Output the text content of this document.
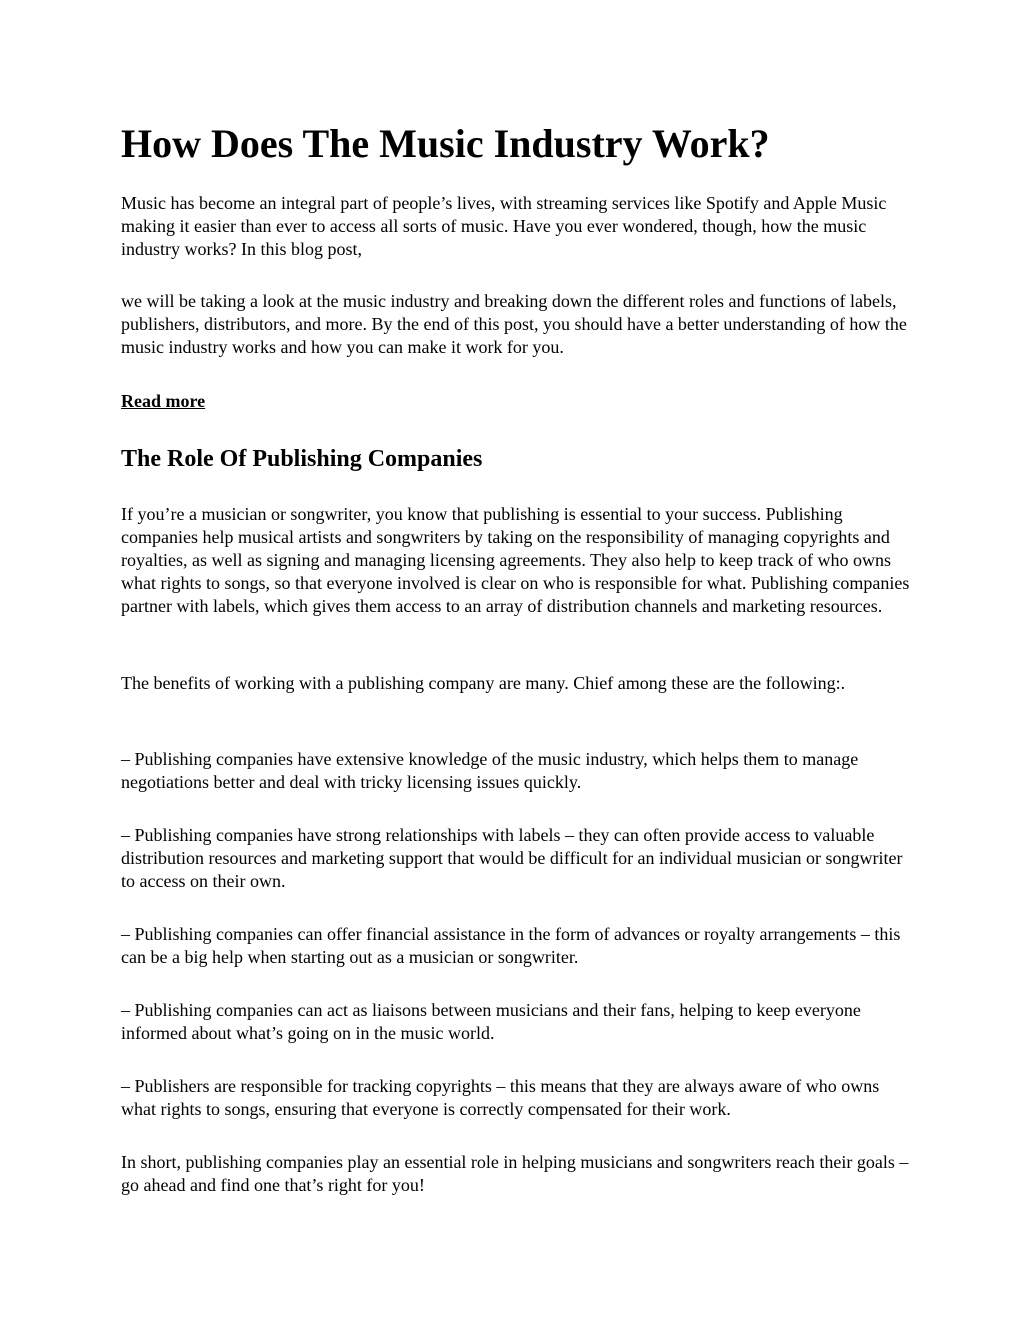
How Does The Music Industry Work?

Music has become an integral part of people’s lives, with streaming services like Spotify and Apple Music making it easier than ever to access all sorts of music. Have you ever wondered, though, how the music industry works? In this blog post,

we will be taking a look at the music industry and breaking down the different roles and functions of labels, publishers, distributors, and more. By the end of this post, you should have a better understanding of how the music industry works and how you can make it work for you.

Read more

The Role Of Publishing Companies

If you’re a musician or songwriter, you know that publishing is essential to your success. Publishing companies help musical artists and songwriters by taking on the responsibility of managing copyrights and royalties, as well as signing and managing licensing agreements. They also help to keep track of who owns what rights to songs, so that everyone involved is clear on who is responsible for what. Publishing companies partner with labels, which gives them access to an array of distribution channels and marketing resources.

The benefits of working with a publishing company are many. Chief among these are the following:.

– Publishing companies have extensive knowledge of the music industry, which helps them to manage negotiations better and deal with tricky licensing issues quickly.

– Publishing companies have strong relationships with labels – they can often provide access to valuable distribution resources and marketing support that would be difficult for an individual musician or songwriter to access on their own.

– Publishing companies can offer financial assistance in the form of advances or royalty arrangements – this can be a big help when starting out as a musician or songwriter.

– Publishing companies can act as liaisons between musicians and their fans, helping to keep everyone informed about what’s going on in the music world.

– Publishers are responsible for tracking copyrights – this means that they are always aware of who owns what rights to songs, ensuring that everyone is correctly compensated for their work.

In short, publishing companies play an essential role in helping musicians and songwriters reach their goals – go ahead and find one that’s right for you!
